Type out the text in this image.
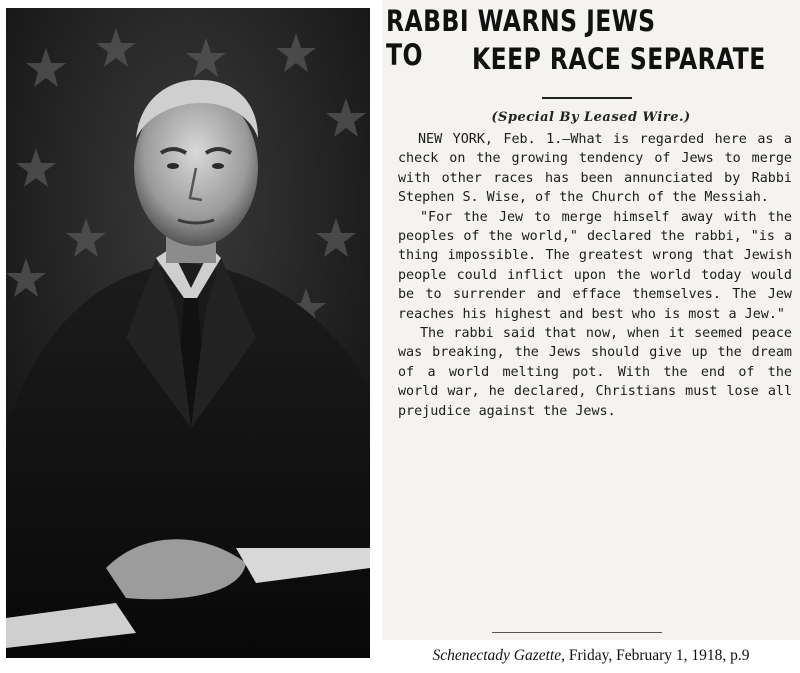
RABBI WARNS JEWS TO	KEEP RACE SEPARATE
(Special By Leased Wire.)

NEW YORK, Feb. 1.—What is regarded here as a check on the growing tendency of Jews to merge with other races has been annunciated by Rabbi Stephen S. Wise, of the Church of the Messiah.

"For the Jew to merge himself away with the peoples of the world," declared the rabbi, "is a thing impossible. The greatest wrong that Jewish people could inflict upon the world today would be to surrender and efface themselves. The Jew reaches his highest and best who is most a Jew."

The rabbi said that now, when it seemed peace was breaking, the Jews should give up the dream of a world melting pot. With the end of the world war, he declared, Christians must lose all prejudice against the Jews.

Schenectady Gazette, Friday, February 1, 1918, p.9
